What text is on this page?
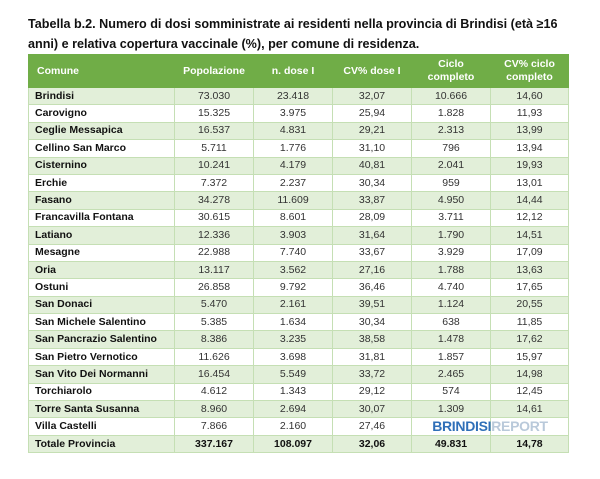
Tabella b.2. Numero di dosi somministrate ai residenti nella provincia di Brindisi (età ≥16 anni) e relativa copertura vaccinale (%), per comune di residenza.
Comune	Popolazione	n. dose I	CV% dose I	Ciclo completo	CV% ciclo completo
Brindisi	73.030	23.418	32,07	10.666	14,60
Carovigno	15.325	3.975	25,94	1.828	11,93
Ceglie Messapica	16.537	4.831	29,21	2.313	13,99
Cellino San Marco	5.711	1.776	31,10	796	13,94
Cisternino	10.241	4.179	40,81	2.041	19,93
Erchie	7.372	2.237	30,34	959	13,01
Fasano	34.278	11.609	33,87	4.950	14,44
Francavilla Fontana	30.615	8.601	28,09	3.711	12,12
Latiano	12.336	3.903	31,64	1.790	14,51
Mesagne	22.988	7.740	33,67	3.929	17,09
Oria	13.117	3.562	27,16	1.788	13,63
Ostuni	26.858	9.792	36,46	4.740	17,65
San Donaci	5.470	2.161	39,51	1.124	20,55
San Michele Salentino	5.385	1.634	30,34	638	11,85
San Pancrazio Salentino	8.386	3.235	38,58	1.478	17,62
San Pietro Vernotico	11.626	3.698	31,81	1.857	15,97
San Vito Dei Normanni	16.454	5.549	33,72	2.465	14,98
Torchiarolo	4.612	1.343	29,12	574	12,45
Torre Santa Susanna	8.960	2.694	30,07	1.309	14,61
Villa Castelli	7.866	2.160	27,46		
Totale Provincia	337.167	108.097	32,06	49.831	14,78
BRINDISIREPORT
